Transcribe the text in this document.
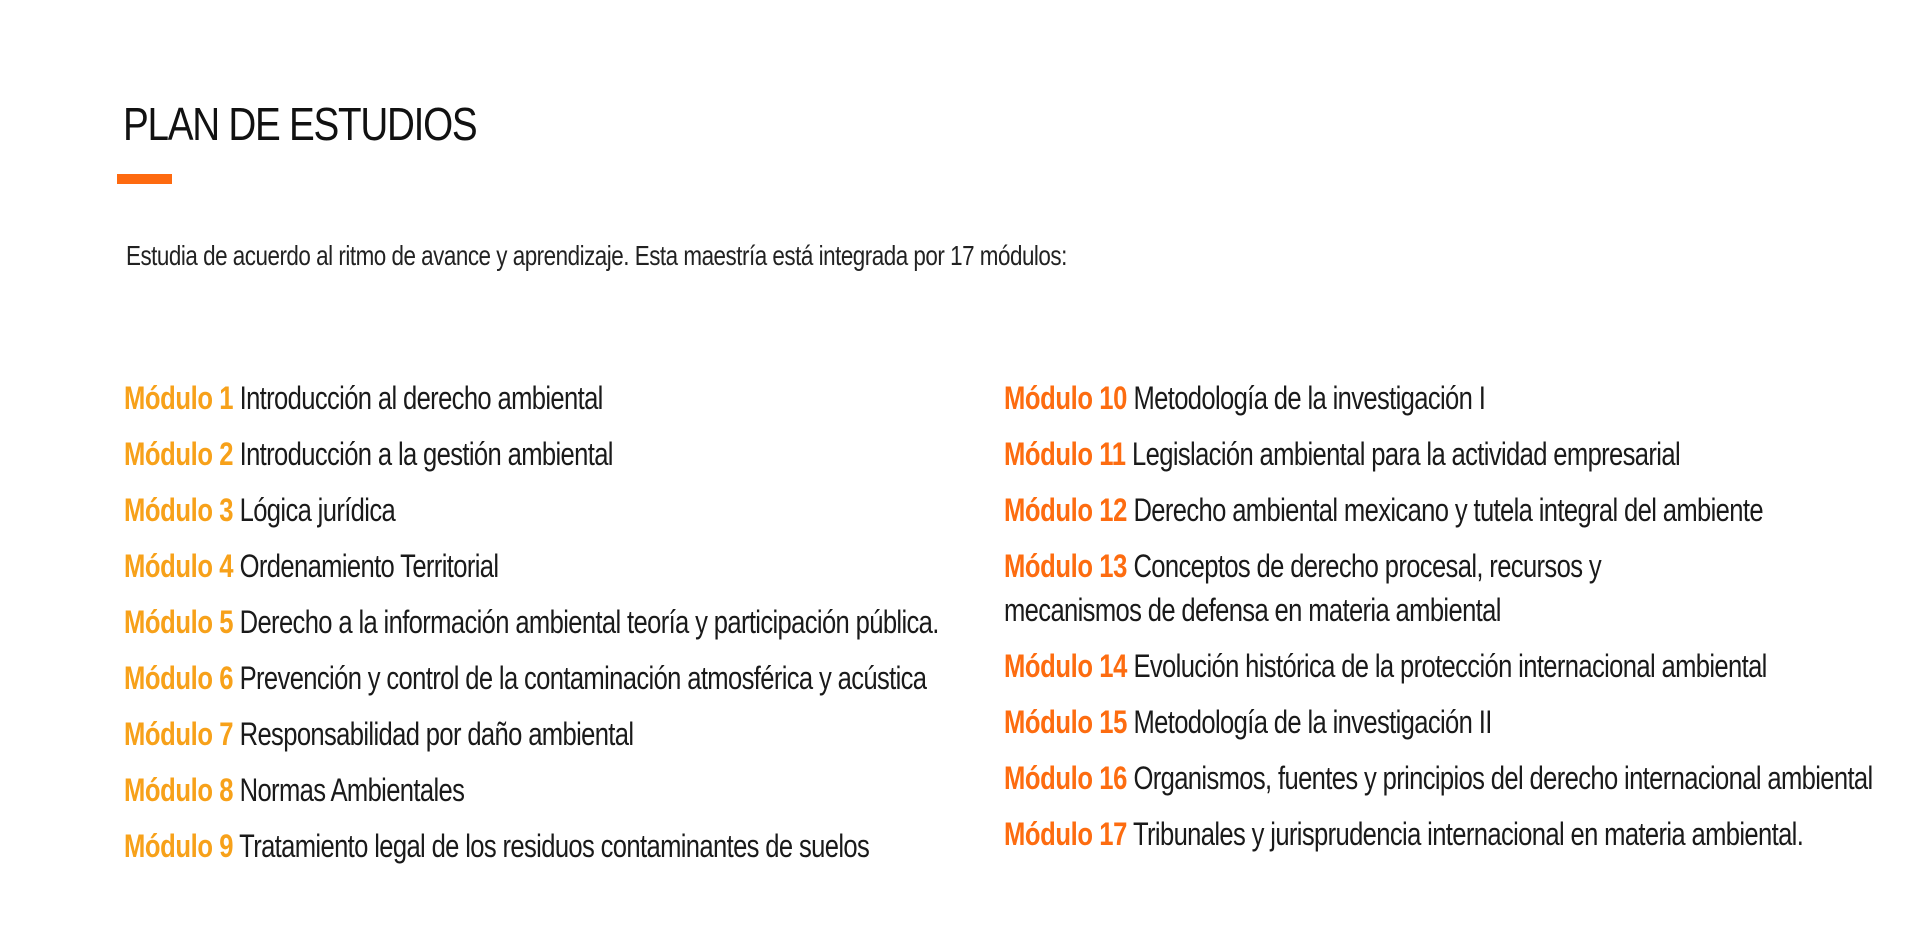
PLAN DE ESTUDIOS

Estudia de acuerdo al ritmo de avance y aprendizaje. Esta maestría está integrada por 17 módulos:

Módulo 1 Introducción al derecho ambiental
Módulo 2 Introducción a la gestión ambiental
Módulo 3 Lógica jurídica
Módulo 4 Ordenamiento Territorial
Módulo 5 Derecho a la información ambiental teoría y participación pública.
Módulo 6 Prevención y control de la contaminación atmosférica y acústica
Módulo 7 Responsabilidad por daño ambiental
Módulo 8 Normas Ambientales
Módulo 9 Tratamiento legal de los residuos contaminantes de suelos
Módulo 10 Metodología de la investigación I
Módulo 11 Legislación ambiental para la actividad empresarial
Módulo 12 Derecho ambiental mexicano y tutela integral del ambiente
Módulo 13 Conceptos de derecho procesal, recursos y mecanismos de defensa en materia ambiental
Módulo 14 Evolución histórica de la protección internacional ambiental
Módulo 15 Metodología de la investigación II
Módulo 16 Organismos, fuentes y principios del derecho internacional ambiental
Módulo 17 Tribunales y jurisprudencia internacional en materia ambiental.
